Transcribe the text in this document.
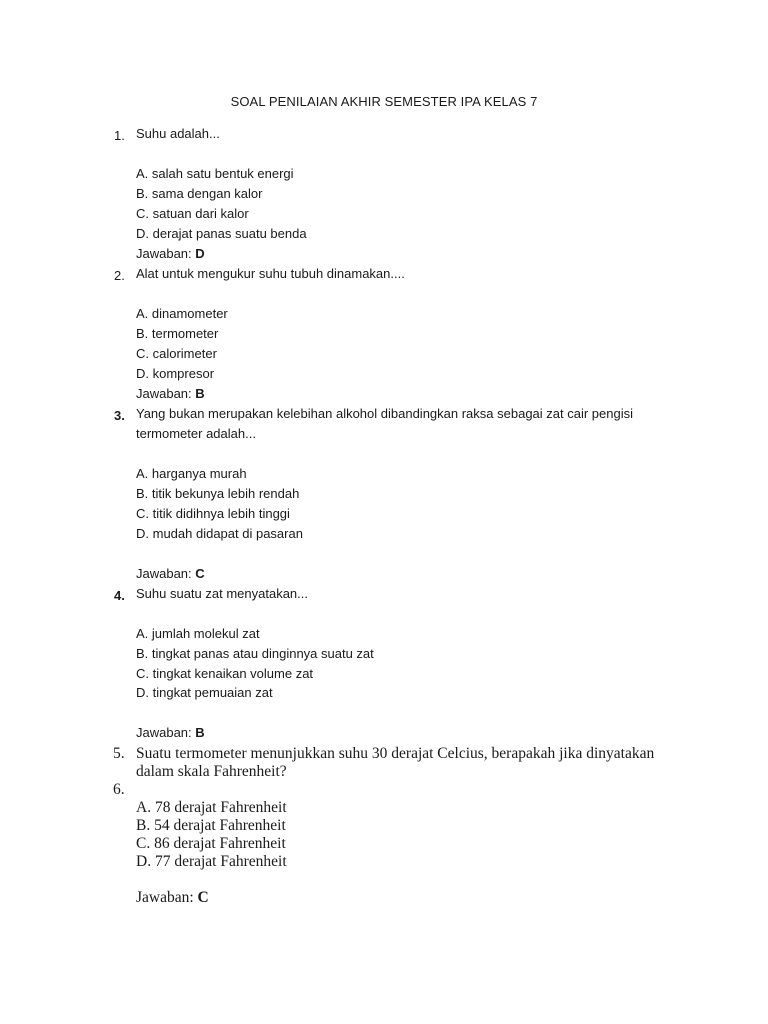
SOAL PENILAIAN AKHIR SEMESTER IPA KELAS 7
1. Suhu adalah...
A. salah satu bentuk energi
B. sama dengan kalor
C. satuan dari kalor
D. derajat panas suatu benda
Jawaban: D
2. Alat untuk mengukur suhu tubuh dinamakan....
A. dinamometer
B. termometer
C. calorimeter
D. kompresor
Jawaban: B
3. Yang bukan merupakan kelebihan alkohol dibandingkan raksa sebagai zat cair pengisi
termometer adalah...
A. harganya murah
B. titik bekunya lebih rendah
C. titik didihnya lebih tinggi
D. mudah didapat di pasaran
Jawaban: C
4. Suhu suatu zat menyatakan...
A. jumlah molekul zat
B. tingkat panas atau dinginnya suatu zat
C. tingkat kenaikan volume zat
D. tingkat pemuaian zat
Jawaban: B
5. Suatu termometer menunjukkan suhu 30 derajat Celcius, berapakah jika dinyatakan
dalam skala Fahrenheit?
6.
A. 78 derajat Fahrenheit
B. 54 derajat Fahrenheit
C. 86 derajat Fahrenheit
D. 77 derajat Fahrenheit
Jawaban: C
